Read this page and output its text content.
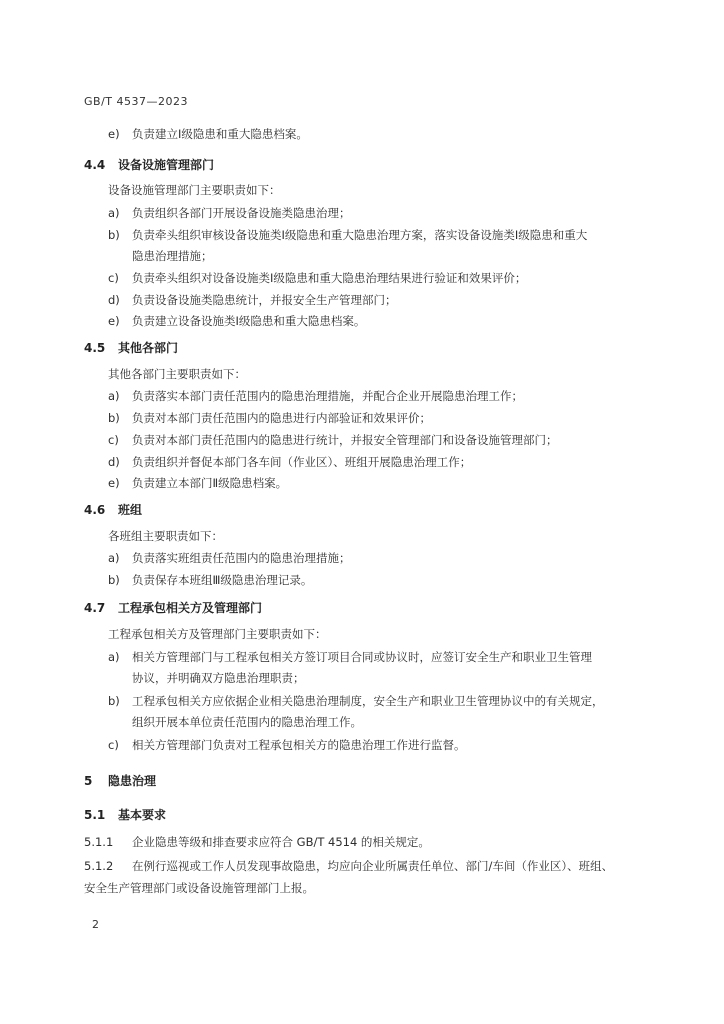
GB/T 4537—2023
e) 负责建立Ⅰ级隐患和重大隐患档案。
4.4 设备设施管理部门
设备设施管理部门主要职责如下：
a) 负责组织各部门开展设备设施类隐患治理；
b) 负责牵头组织审核设备设施类Ⅰ级隐患和重大隐患治理方案，落实设备设施类Ⅰ级隐患和重大
隐患治理措施；
c) 负责牵头组织对设备设施类Ⅰ级隐患和重大隐患治理结果进行验证和效果评价；
d) 负责设备设施类隐患统计，并报安全生产管理部门；
e) 负责建立设备设施类Ⅰ级隐患和重大隐患档案。
4.5 其他各部门
其他各部门主要职责如下：
a) 负责落实本部门责任范围内的隐患治理措施，并配合企业开展隐患治理工作；
b) 负责对本部门责任范围内的隐患进行内部验证和效果评价；
c) 负责对本部门责任范围内的隐患进行统计，并报安全管理部门和设备设施管理部门；
d) 负责组织并督促本部门各车间（作业区）、班组开展隐患治理工作；
e) 负责建立本部门Ⅱ级隐患档案。
4.6 班组
各班组主要职责如下：
a) 负责落实班组责任范围内的隐患治理措施；
b) 负责保存本班组Ⅲ级隐患治理记录。
4.7 工程承包相关方及管理部门
工程承包相关方及管理部门主要职责如下：
a) 相关方管理部门与工程承包相关方签订项目合同或协议时，应签订安全生产和职业卫生管理
协议，并明确双方隐患治理职责；
b) 工程承包相关方应依据企业相关隐患治理制度，安全生产和职业卫生管理协议中的有关规定，
组织开展本单位责任范围内的隐患治理工作。
c) 相关方管理部门负责对工程承包相关方的隐患治理工作进行监督。
5 隐患治理
5.1 基本要求
5.1.1 企业隐患等级和排查要求应符合 GB/T 4514 的相关规定。
5.1.2 在例行巡视或工作人员发现事故隐患，均应向企业所属责任单位、部门/车间（作业区）、班组、
安全生产管理部门或设备设施管理部门上报。
2
